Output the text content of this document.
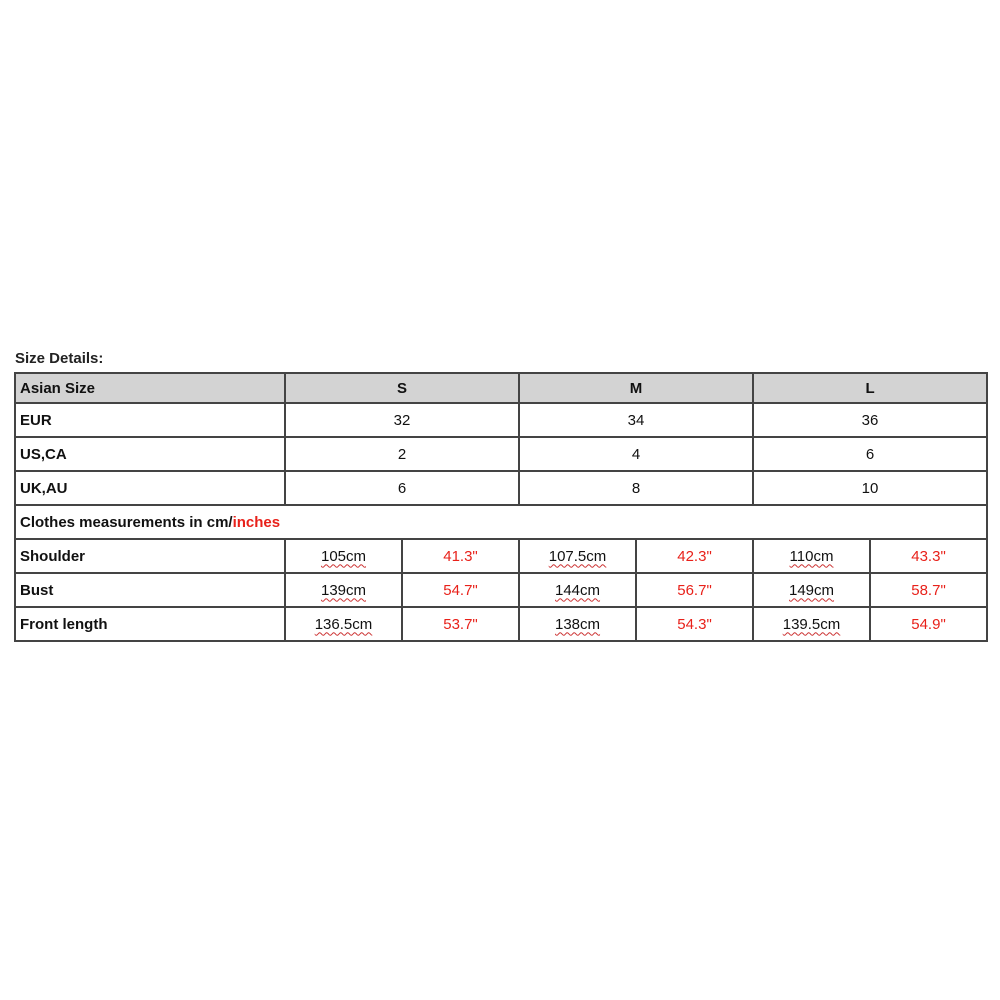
Size Details:
Asian Size	S		M		L	
EUR	32		34		36	
US,CA	2		4		6	
UK,AU	6		8		10	
Clothes measurements in cm/inches						
Shoulder	105cm	41.3"	107.5cm	42.3"	110cm	43.3"
Bust	139cm	54.7"	144cm	56.7"	149cm	58.7"
Front length	136.5cm	53.7"	138cm	54.3"	139.5cm	54.9"
